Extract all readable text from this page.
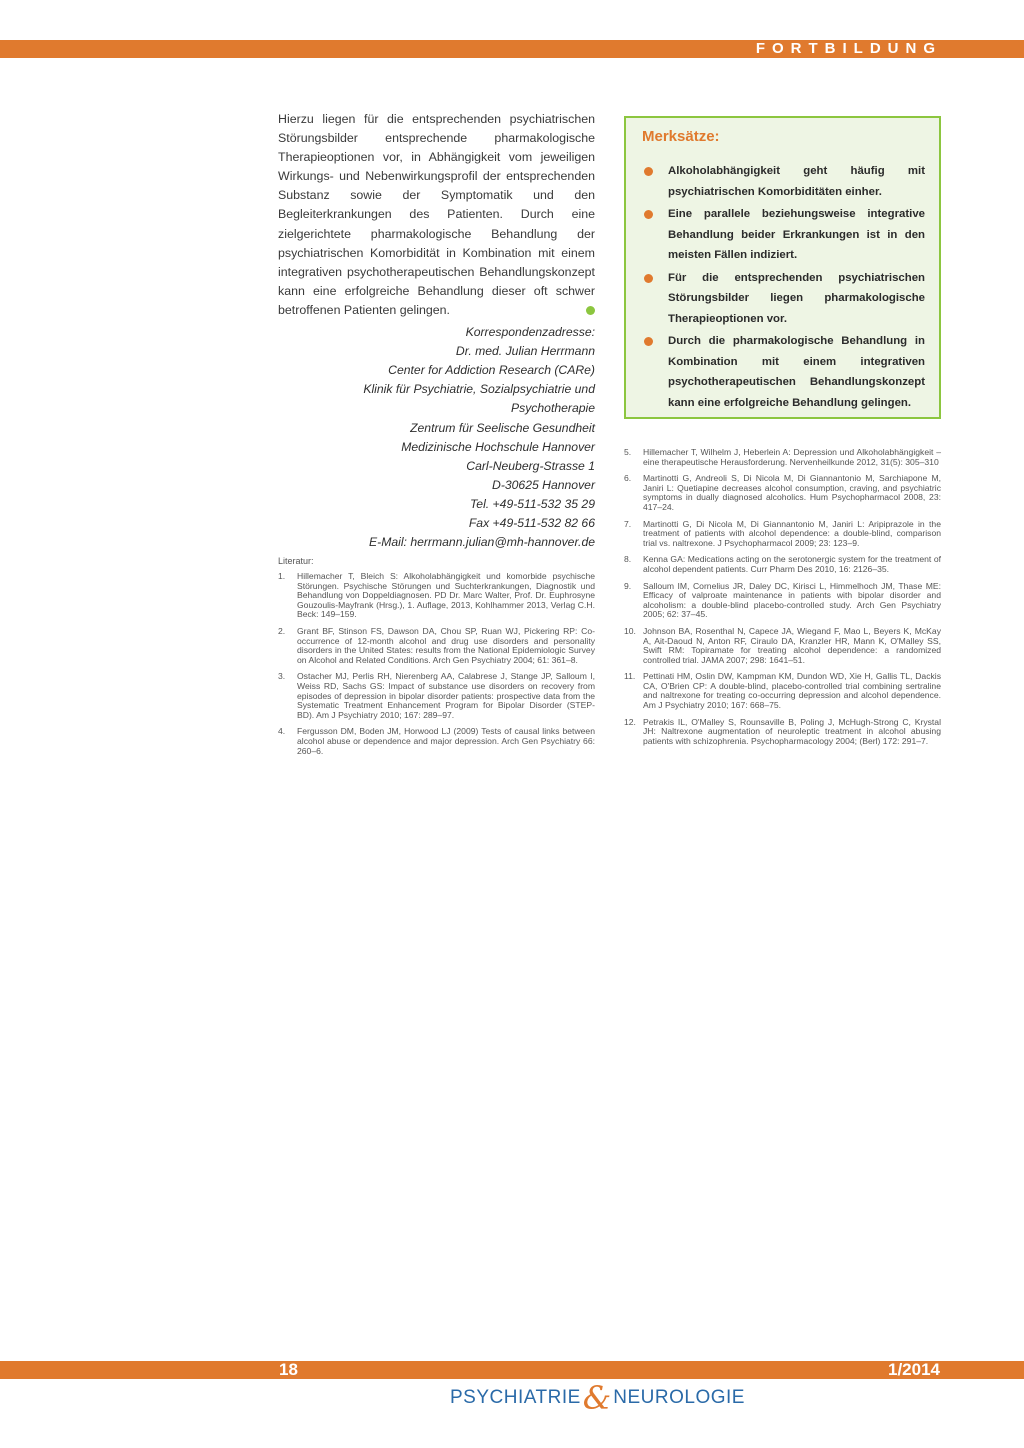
FORTBILDUNG

Hierzu liegen für die entsprechenden psychiatrischen Störungsbilder entsprechende pharmakologische Therapieoptionen vor, in Abhängigkeit vom jeweiligen Wirkungs- und Nebenwirkungsprofil der entsprechenden Substanz sowie der Symptomatik und den Begleiterkrankungen des Patienten. Durch eine zielgerichtete pharmakologische Behandlung der psychiatrischen Komorbidität in Kombination mit einem integrativen psychotherapeutischen Behandlungskonzept kann eine erfolgreiche Behandlung dieser oft schwer betroffenen Patienten gelingen.

Korrespondenzadresse:
Dr. med. Julian Herrmann
Center for Addiction Research (CARe)
Klinik für Psychiatrie, Sozialpsychiatrie und Psychotherapie
Zentrum für Seelische Gesundheit
Medizinische Hochschule Hannover
Carl-Neuberg-Strasse 1
D-30625 Hannover
Tel. +49-511-532 35 29
Fax +49-511-532 82 66
E-Mail: herrmann.julian@mh-hannover.de
Merksätze:
Alkoholabhängigkeit geht häufig mit psychiatrischen Komorbiditäten einher.
Eine parallele beziehungsweise integrative Behandlung beider Erkrankungen ist in den meisten Fällen indiziert.
Für die entsprechenden psychiatrischen Störungsbilder liegen pharmakologische Therapieoptionen vor.
Durch die pharmakologische Behandlung in Kombination mit einem integrativen psychotherapeutischen Behandlungskonzept kann eine erfolgreiche Behandlung gelingen.
Literatur:
1. Hillemacher T, Bleich S: Alkoholabhängigkeit und komorbide psychische Störungen. Psychische Störungen und Suchterkrankungen, Diagnostik und Behandlung von Doppeldiagnosen. PD Dr. Marc Walter, Prof. Dr. Euphrosyne Gouzoulis-Mayfrank (Hrsg.), 1. Auflage, 2013, Kohlhammer 2013, Verlag C.H. Beck: 149–159.
2. Grant BF, Stinson FS, Dawson DA, Chou SP, Ruan WJ, Pickering RP: Co-occurrence of 12-month alcohol and drug use disorders and personality disorders in the United States: results from the National Epidemiologic Survey on Alcohol and Related Conditions. Arch Gen Psychiatry 2004; 61: 361–8.
3. Ostacher MJ, Perlis RH, Nierenberg AA, Calabrese J, Stange JP, Salloum I, Weiss RD, Sachs GS: Impact of substance use disorders on recovery from episodes of depression in bipolar disorder patients: prospective data from the Systematic Treatment Enhancement Program for Bipolar Disorder (STEP-BD). Am J Psychiatry 2010; 167: 289–97.
4. Fergusson DM, Boden JM, Horwood LJ (2009) Tests of causal links between alcohol abuse or dependence and major depression. Arch Gen Psychiatry 66: 260–6.
5. Hillemacher T, Wilhelm J, Heberlein A: Depression und Alkoholabhängigkeit – eine therapeutische Herausforderung. Nervenheilkunde 2012, 31(5): 305–310
6. Martinotti G, Andreoli S, Di Nicola M, Di Giannantonio M, Sarchiapone M, Janiri L: Quetiapine decreases alcohol consumption, craving, and psychiatric symptoms in dually diagnosed alcoholics. Hum Psychopharmacol 2008, 23: 417–24.
7. Martinotti G, Di Nicola M, Di Giannantonio M, Janiri L: Aripiprazole in the treatment of patients with alcohol dependence: a double-blind, comparison trial vs. naltrexone. J Psychopharmacol 2009; 23: 123–9.
8. Kenna GA: Medications acting on the serotonergic system for the treatment of alcohol dependent patients. Curr Pharm Des 2010, 16: 2126–35.
9. Salloum IM, Cornelius JR, Daley DC, Kirisci L, Himmelhoch JM, Thase ME: Efficacy of valproate maintenance in patients with bipolar disorder and alcoholism: a double-blind placebo-controlled study. Arch Gen Psychiatry 2005; 62: 37–45.
10. Johnson BA, Rosenthal N, Capece JA, Wiegand F, Mao L, Beyers K, McKay A, Ait-Daoud N, Anton RF, Ciraulo DA, Kranzler HR, Mann K, O'Malley SS, Swift RM: Topiramate for treating alcohol dependence: a randomized controlled trial. JAMA 2007; 298: 1641–51.
11. Pettinati HM, Oslin DW, Kampman KM, Dundon WD, Xie H, Gallis TL, Dackis CA, O'Brien CP: A double-blind, placebo-controlled trial combining sertraline and naltrexone for treating co-occurring depression and alcohol dependence. Am J Psychiatry 2010; 167: 668–75.
12. Petrakis IL, O'Malley S, Rounsaville B, Poling J, McHugh-Strong C, Krystal JH: Naltrexone augmentation of neuroleptic treatment in alcohol abusing patients with schizophrenia. Psychopharmacology 2004; (Berl) 172: 291–7.
18	1/2014
PSYCHIATRIE& NEUROLOGIE
